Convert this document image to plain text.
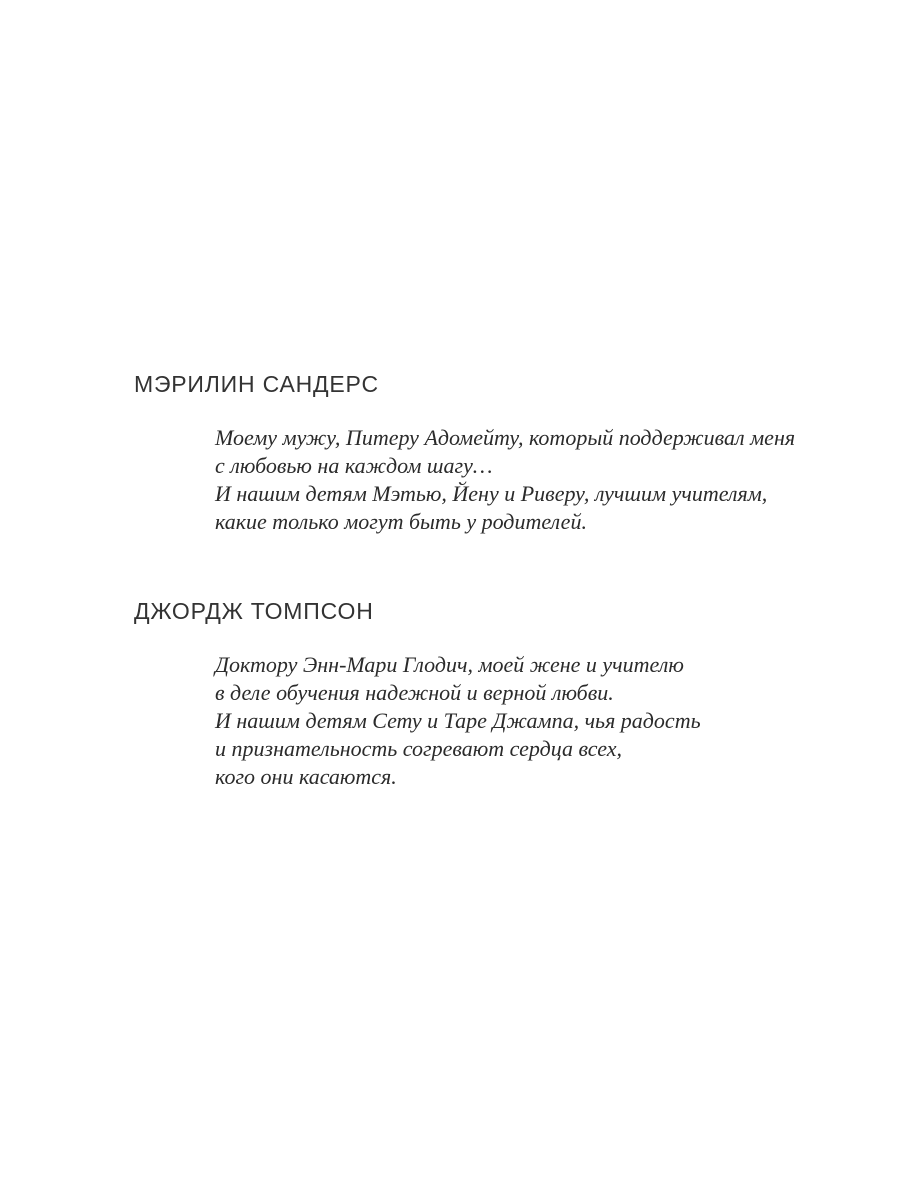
МЭРИЛИН САНДЕРС
Моему мужу, Питеру Адомейту, который поддерживал меня
с любовью на каждом шагу…
И нашим детям Мэтью, Йену и Риверу, лучшим учителям,
какие только могут быть у родителей.
ДЖОРДЖ ТОМПСОН
Доктору Энн-Мари Глодич, моей жене и учителю
в деле обучения надежной и верной любви.
И нашим детям Сету и Таре Джампа, чья радость
и признательность согревают сердца всех,
кого они касаются.
